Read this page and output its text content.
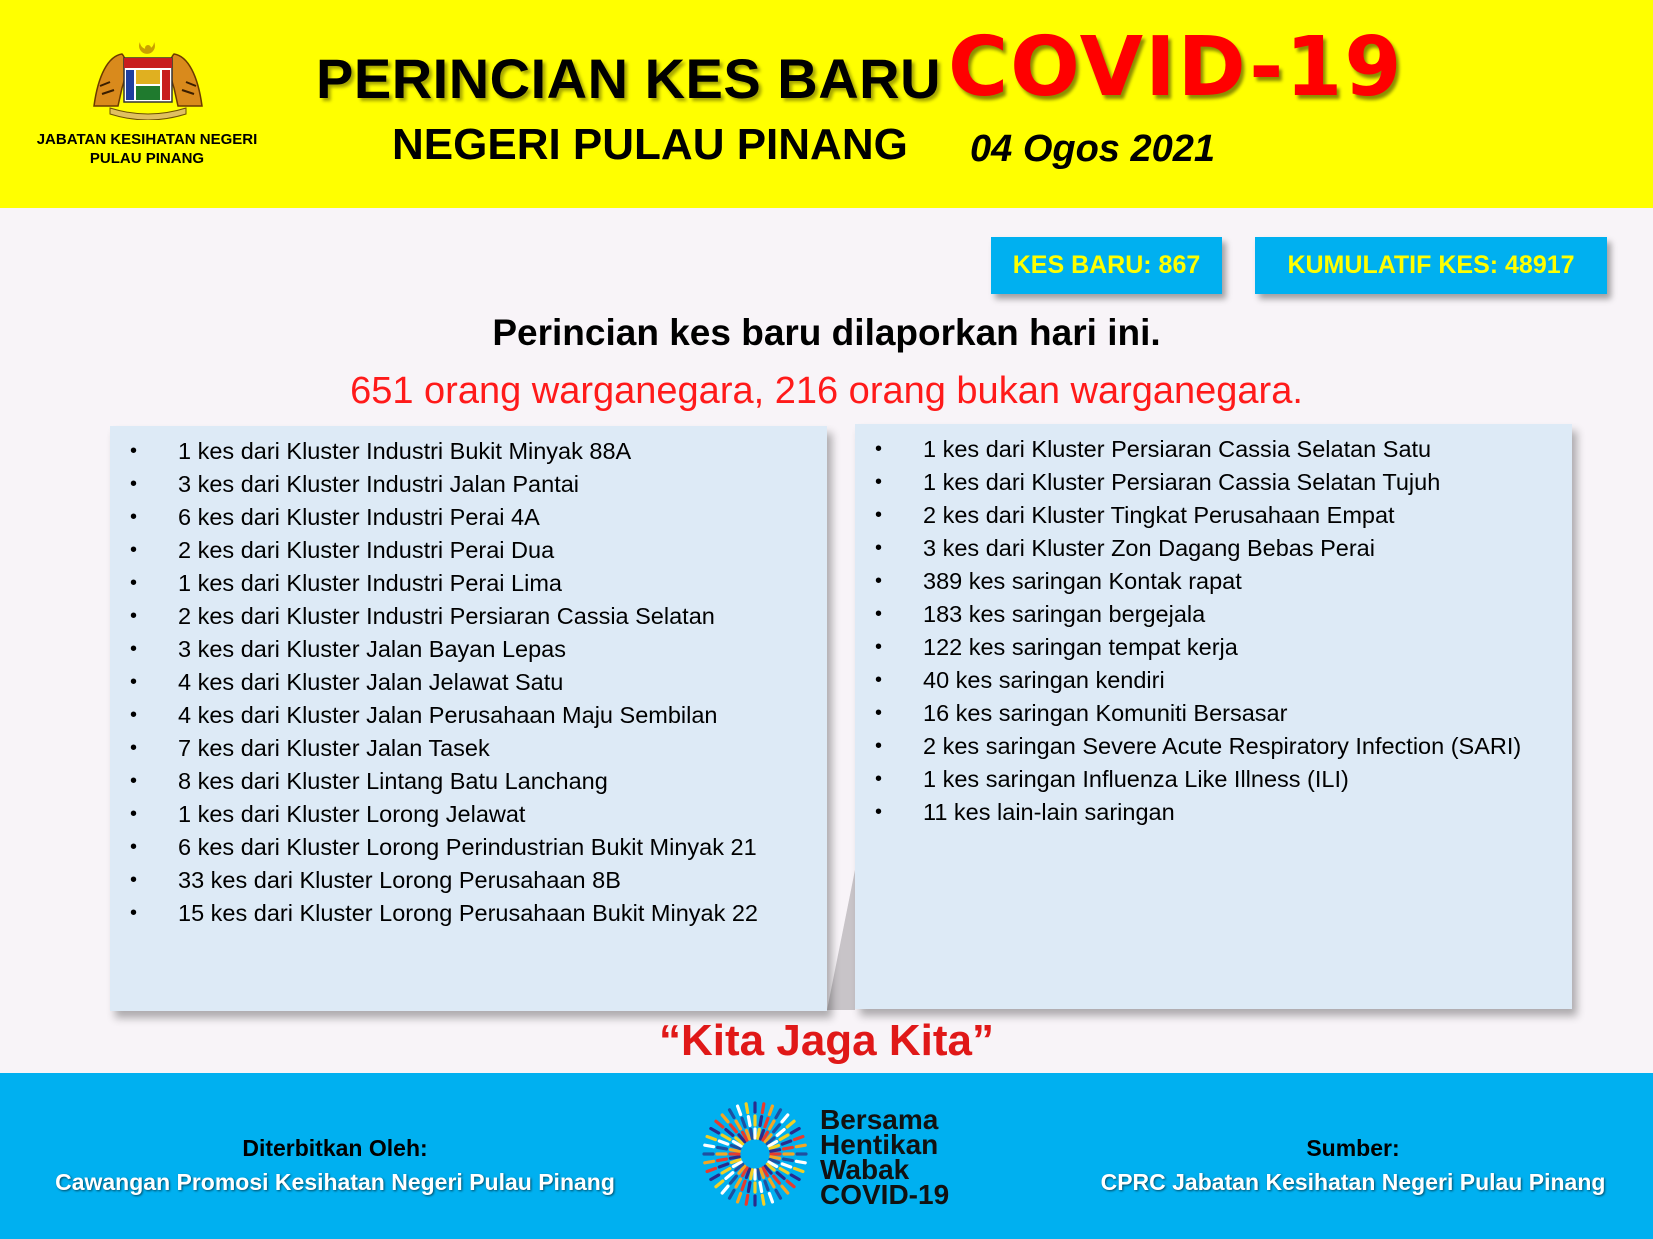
JABATAN KESIHATAN NEGERI
PULAU PINANG
PERINCIAN KES BARU COVID-19
NEGERI PULAU PINANG 04 Ogos 2021
KES BARU: 867	KUMULATIF KES: 48917
Perincian kes baru dilaporkan hari ini.
651 orang warganegara, 216 orang bukan warganegara.
• 1 kes dari Kluster Industri Bukit Minyak 88A
• 3 kes dari Kluster Industri Jalan Pantai
• 6 kes dari Kluster Industri Perai 4A
• 2 kes dari Kluster Industri Perai Dua
• 1 kes dari Kluster Industri Perai Lima
• 2 kes dari Kluster Industri Persiaran Cassia Selatan
• 3 kes dari Kluster Jalan Bayan Lepas
• 4 kes dari Kluster Jalan Jelawat Satu
• 4 kes dari Kluster Jalan Perusahaan Maju Sembilan
• 7 kes dari Kluster Jalan Tasek
• 8 kes dari Kluster Lintang Batu Lanchang
• 1 kes dari Kluster Lorong Jelawat
• 6 kes dari Kluster Lorong Perindustrian Bukit Minyak 21
• 33 kes dari Kluster Lorong Perusahaan 8B
• 15 kes dari Kluster Lorong Perusahaan Bukit Minyak 22
• 1 kes dari Kluster Persiaran Cassia Selatan Satu
• 1 kes dari Kluster Persiaran Cassia Selatan Tujuh
• 2 kes dari Kluster Tingkat Perusahaan Empat
• 3 kes dari Kluster Zon Dagang Bebas Perai
• 389 kes saringan Kontak rapat
• 183 kes saringan bergejala
• 122 kes saringan tempat kerja
• 40 kes saringan kendiri
• 16 kes saringan Komuniti Bersasar
• 2 kes saringan Severe Acute Respiratory Infection (SARI)
• 1 kes saringan Influenza Like Illness (ILI)
• 11 kes lain-lain saringan
“Kita Jaga Kita”
Diterbitkan Oleh:
Cawangan Promosi Kesihatan Negeri Pulau Pinang
Bersama
Hentikan
Wabak
COVID-19
Sumber:
CPRC Jabatan Kesihatan Negeri Pulau Pinang
